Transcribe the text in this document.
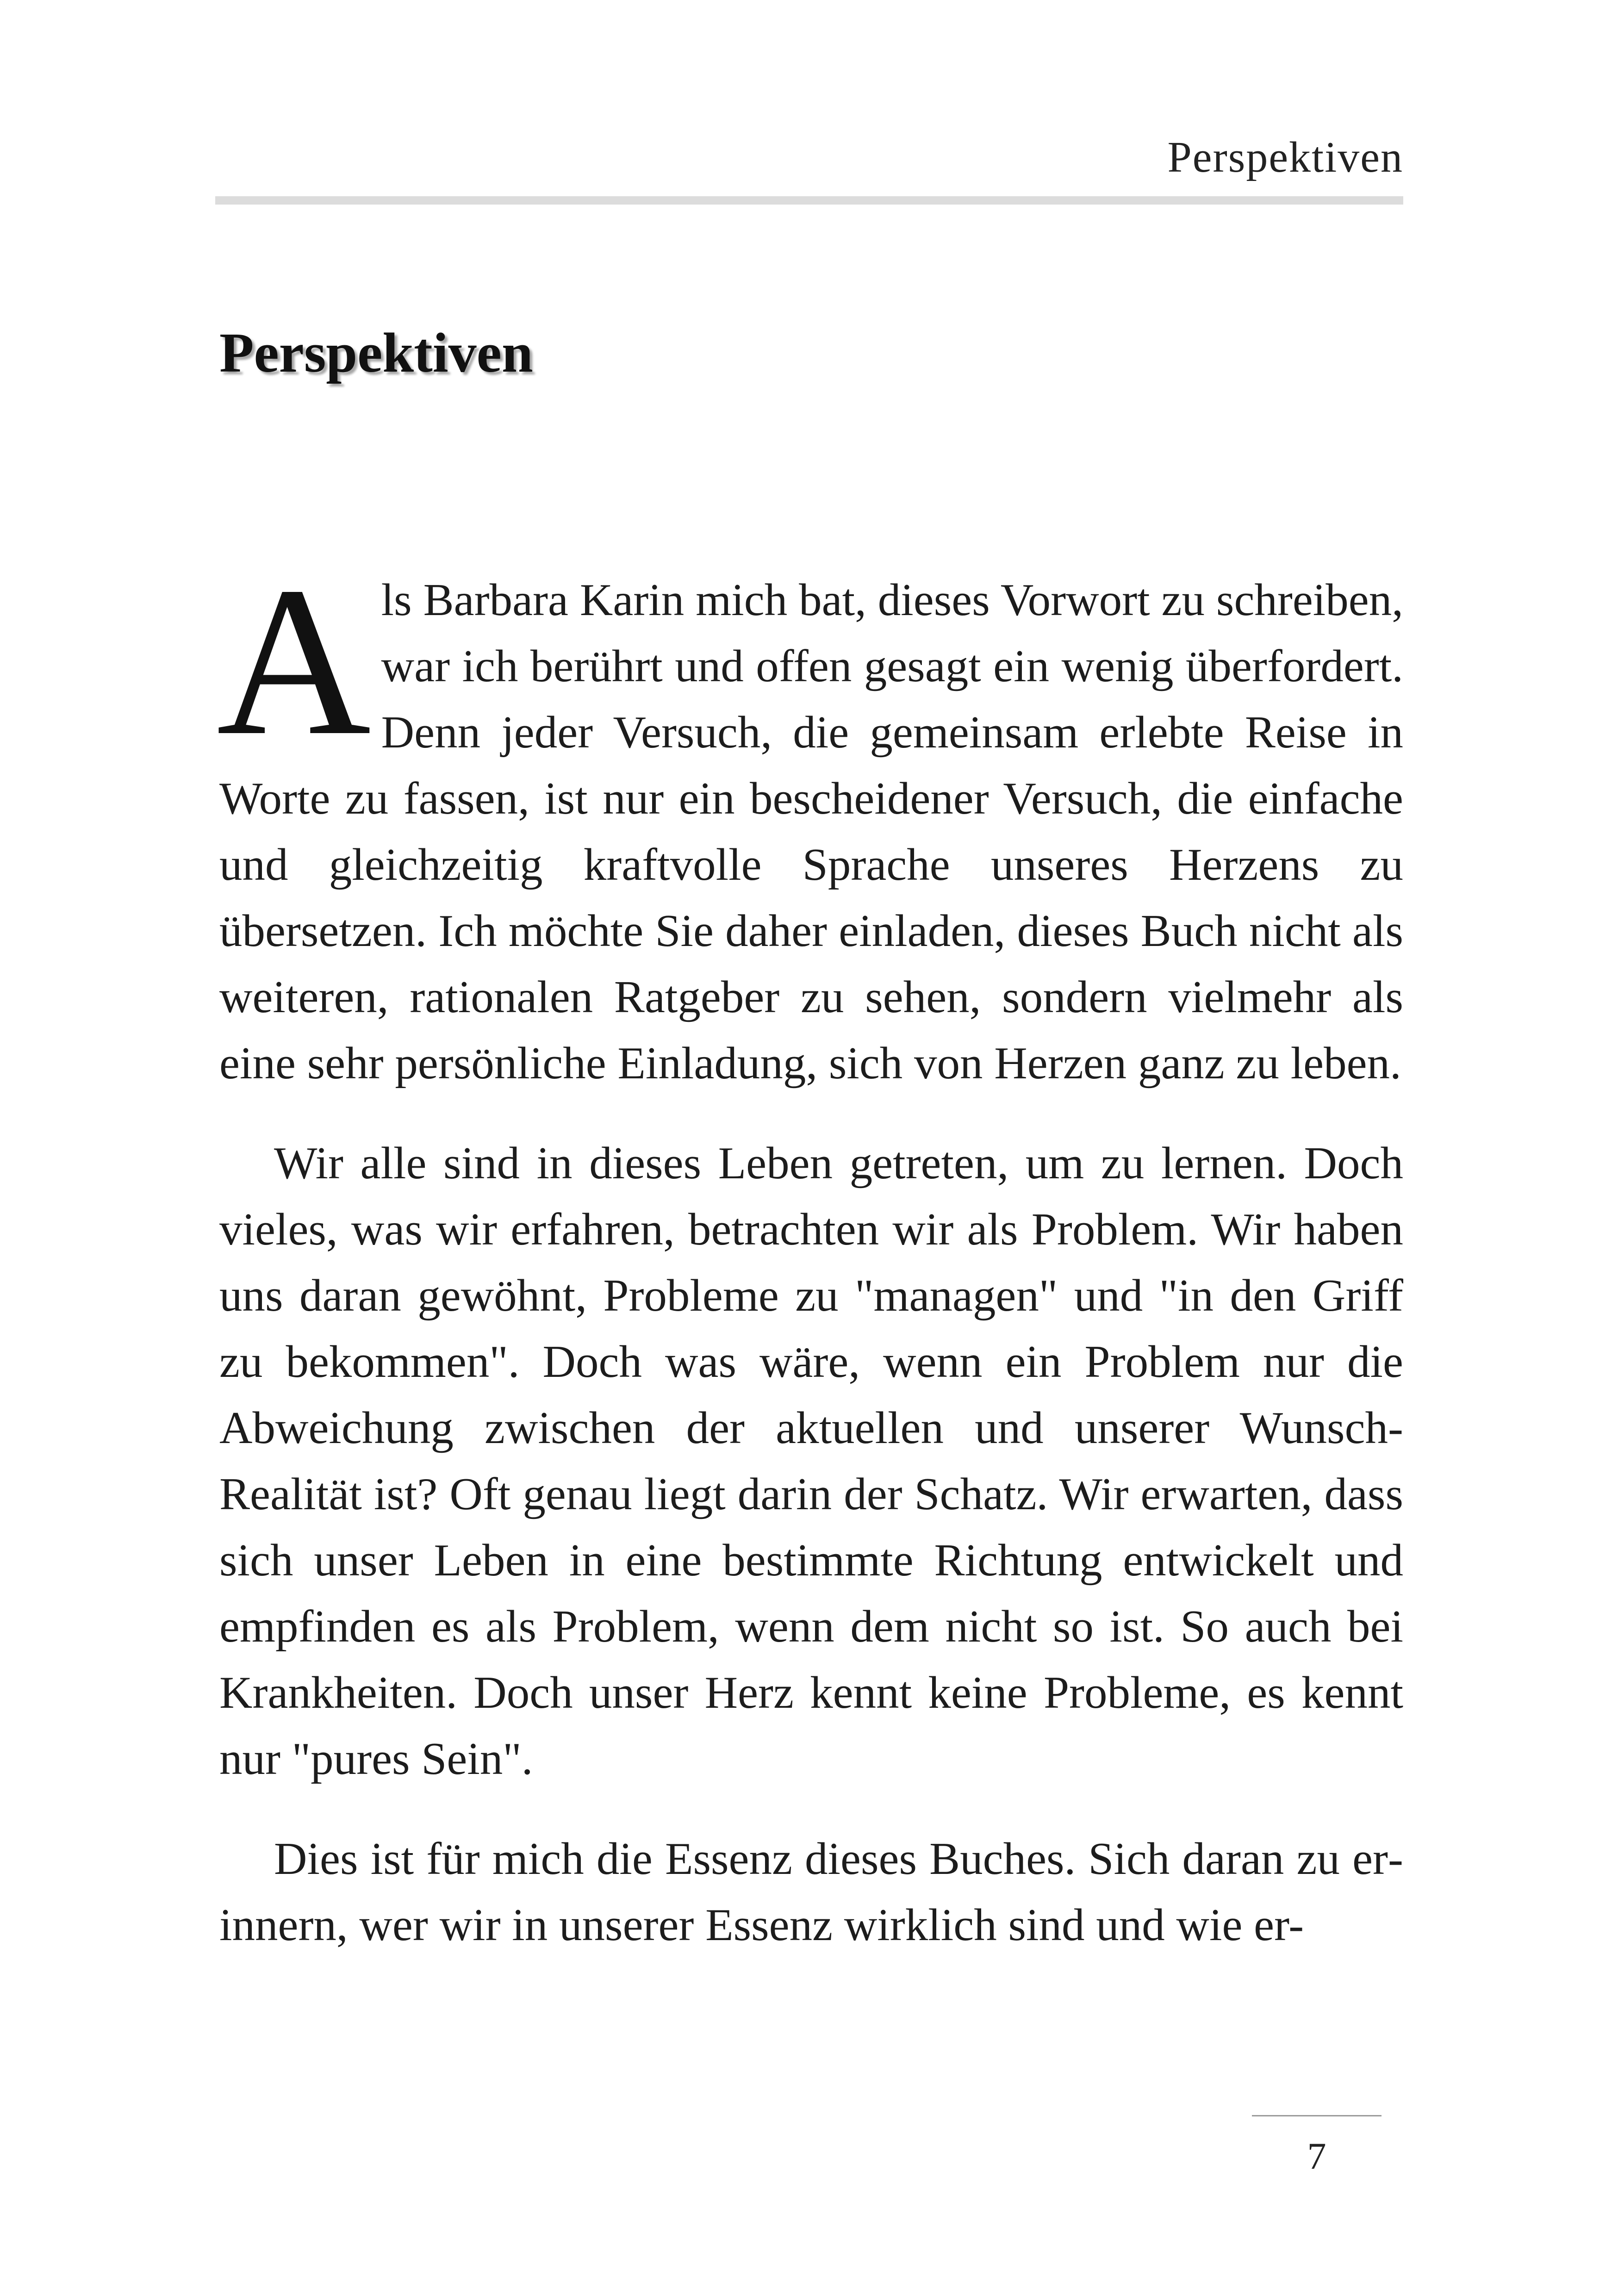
Perspektiven
Perspektiven

A ls Barbara Karin mich bat, dieses Vorwort zu schreiben, war ich berührt und offen gesagt ein wenig überfordert. Denn jeder Versuch, die gemeinsam erlebte Reise in Worte zu fassen, ist nur ein bescheidener Versuch, die einfache und gleichzeitig kraftvolle Sprache unseres Herzens zu übersetzen. Ich möchte Sie daher einladen, dieses Buch nicht als weiteren, rationalen Ratgeber zu sehen, sondern vielmehr als eine sehr persönliche Einladung, sich von Herzen ganz zu leben.

Wir alle sind in dieses Leben getreten, um zu lernen. Doch vieles, was wir erfahren, betrachten wir als Problem. Wir haben uns daran gewöhnt, Probleme zu "managen" und "in den Griff zu bekommen". Doch was wäre, wenn ein Problem nur die Abweichung zwischen der aktuellen und unserer Wunsch-Realität ist? Oft genau liegt darin der Schatz. Wir erwarten, dass sich unser Leben in eine bestimmte Richtung entwickelt und empfinden es als Problem, wenn dem nicht so ist. So auch bei Krankheiten. Doch unser Herz kennt keine Probleme, es kennt nur "pures Sein".

Dies ist für mich die Essenz dieses Buches. Sich daran zu erinnern, wer wir in unserer Essenz wirklich sind und wie er-

7
